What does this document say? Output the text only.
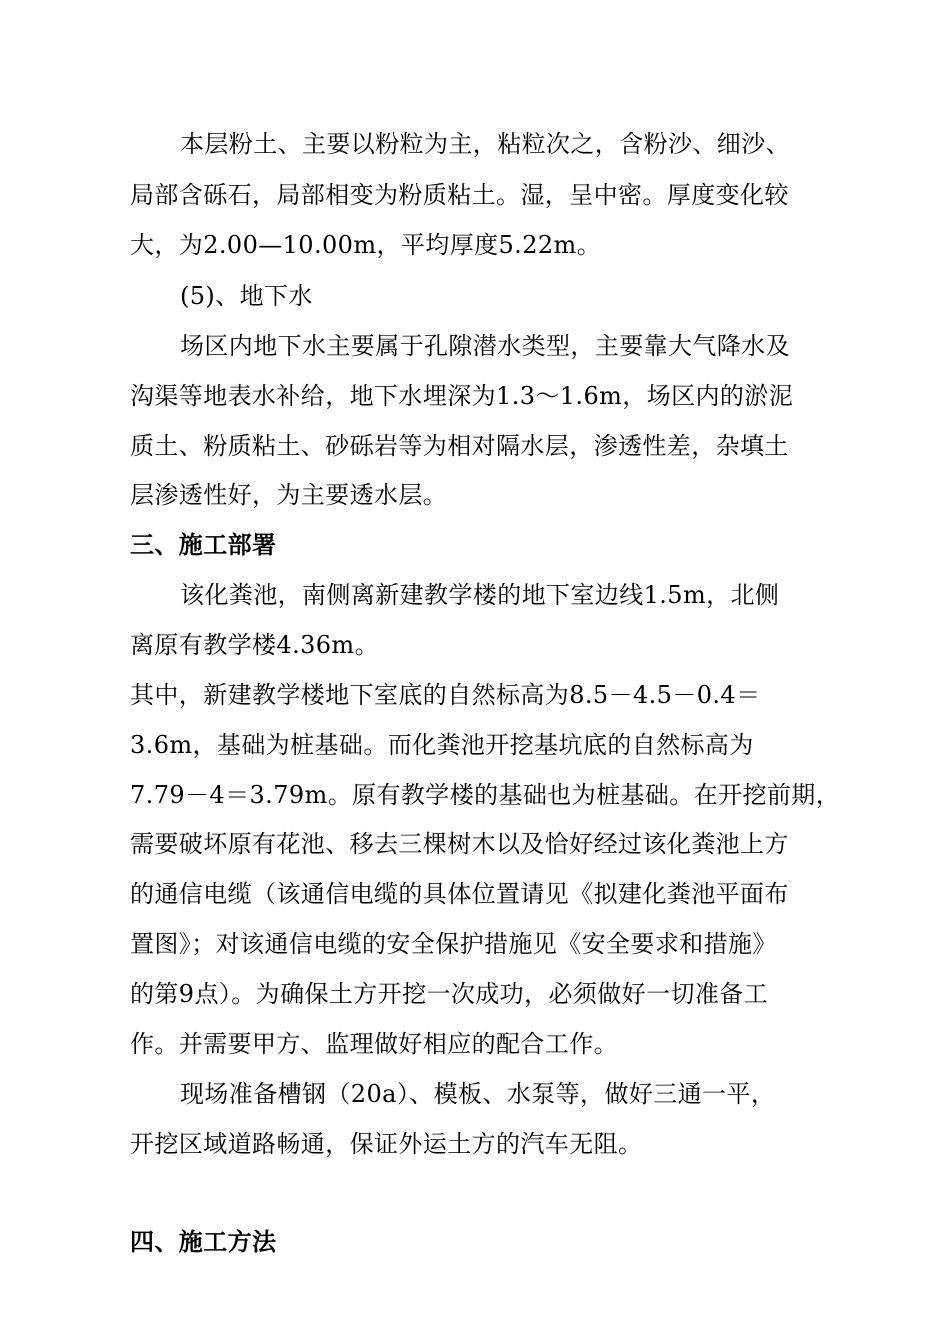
本层粉土、主要以粉粒为主，粘粒次之，含粉沙、细沙、
局部含砾石，局部相变为粉质粘土。湿，呈中密。厚度变化较
大，为2.00—10.00m，平均厚度5.22m。
(5)、地下水
场区内地下水主要属于孔隙潜水类型，主要靠大气降水及
沟渠等地表水补给，地下水埋深为1.3～1.6m，场区内的淤泥
质土、粉质粘土、砂砾岩等为相对隔水层，渗透性差，杂填土
层渗透性好，为主要透水层。
三、施工部署
该化粪池，南侧离新建教学楼的地下室边线1.5m，北侧
离原有教学楼4.36m。
其中，新建教学楼地下室底的自然标高为8.5－4.5－0.4＝
3.6m，基础为桩基础。而化粪池开挖基坑底的自然标高为
7.79－4＝3.79m。原有教学楼的基础也为桩基础。在开挖前期，
需要破坏原有花池、移去三棵树木以及恰好经过该化粪池上方
的通信电缆（该通信电缆的具体位置请见《拟建化粪池平面布
置图》；对该通信电缆的安全保护措施见《安全要求和措施》
的第9点）。为确保土方开挖一次成功，必须做好一切准备工
作。并需要甲方、监理做好相应的配合工作。
现场准备槽钢（20a）、模板、水泵等，做好三通一平，
开挖区域道路畅通，保证外运土方的汽车无阻。
四、施工方法
